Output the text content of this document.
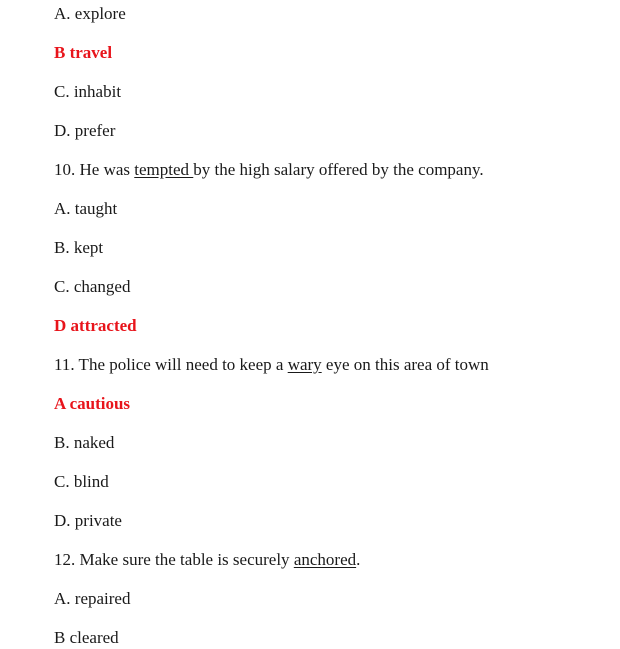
A. explore
B travel
C. inhabit
D. prefer
10. He was tempted by the high salary offered by the company.
A. taught
B. kept
C. changed
D attracted
11. The police will need to keep a wary eye on this area of town
A cautious
B. naked
C. blind
D. private
12. Make sure the table is securely anchored.
A. repaired
B cleared
